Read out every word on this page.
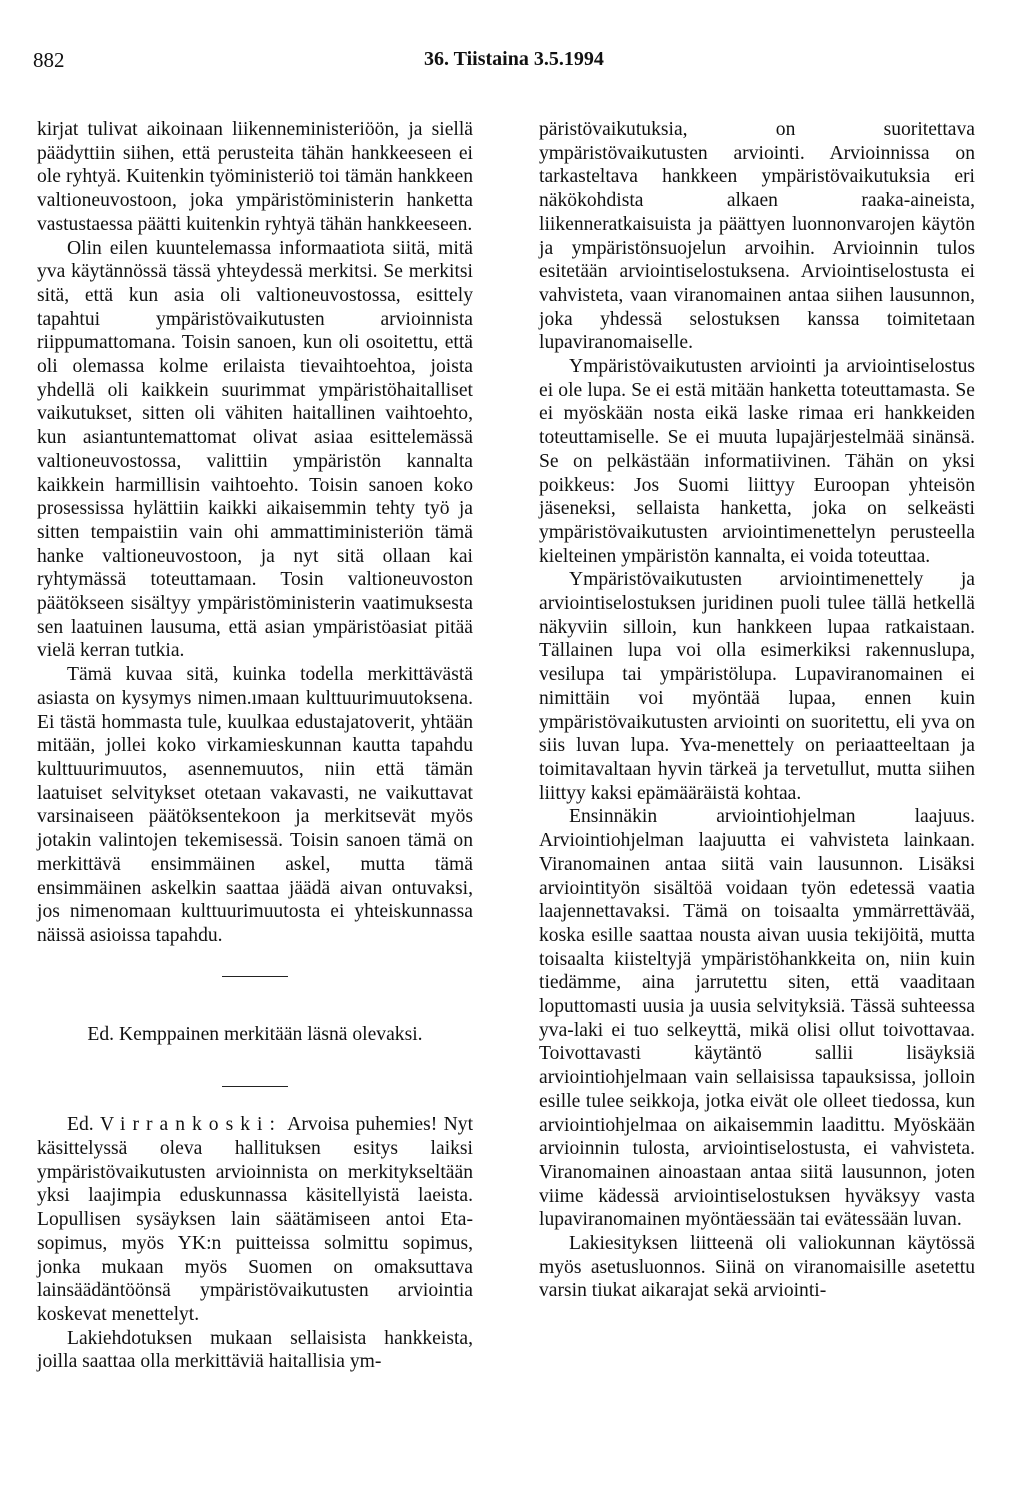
882	36. Tiistaina 3.5.1994

kirjat tulivat aikoinaan liikenneministeriöön, ja siellä päädyttiin siihen, että perusteita tähän hankkeeseen ei ole ryhtyä. Kuitenkin työministeriö toi tämän hankkeen valtioneuvostoon, joka ympäristöministerin hanketta vastustaessa päätti kuitenkin ryhtyä tähän hankkeeseen.

Olin eilen kuuntelemassa informaatiota siitä, mitä yva käytännössä tässä yhteydessä merkitsi. Se merkitsi sitä, että kun asia oli valtioneuvostossa, esittely tapahtui ympäristövaikutusten arvioinnista riippumattomana. Toisin sanoen, kun oli osoitettu, että oli olemassa kolme erilaista tievaihtoehtoa, joista yhdellä oli kaikkein suurimmat ympäristöhaitalliset vaikutukset, sitten oli vähiten haitallinen vaihtoehto, kun asiantuntemattomat olivat asiaa esittelemässä valtioneuvostossa, valittiin ympäristön kannalta kaikkein harmillisin vaihtoehto. Toisin sanoen koko prosessissa hylättiin kaikki aikaisemmin tehty työ ja sitten tempaistiin vain ohi ammattiministeriön tämä hanke valtioneuvostoon, ja nyt sitä ollaan kai ryhtymässä toteuttamaan. Tosin valtioneuvoston päätökseen sisältyy ympäristöministerin vaatimuksesta sen laatuinen lausuma, että asian ympäristöasiat pitää vielä kerran tutkia.

Tämä kuvaa sitä, kuinka todella merkittävästä asiasta on kysymys nimen.ımaan kulttuurimuutoksena. Ei tästä hommasta tule, kuulkaa edustajatoverit, yhtään mitään, jollei koko virkamieskunnan kautta tapahdu kulttuurimuutos, asennemuutos, niin että tämän laatuiset selvitykset otetaan vakavasti, ne vaikuttavat varsinaiseen päätöksentekoon ja merkitsevät myös jotakin valintojen tekemisessä. Toisin sanoen tämä on merkittävä ensimmäinen askel, mutta tämä ensimmäinen askelkin saattaa jäädä aivan ontuvaksi, jos nimenomaan kulttuurimuutosta ei yhteiskunnassa näissä asioissa tapahdu.

Ed. Kemppainen merkitään läsnä olevaksi.

Ed. Virrankoski: Arvoisa puhemies! Nyt käsittelyssä oleva hallituksen esitys laiksi ympäristövaikutusten arvioinnista on merkitykseltään yksi laajimpia eduskunnassa käsitellyistä laeista. Lopullisen sysäyksen lain säätämiseen antoi Eta-sopimus, myös YK:n puitteissa solmittu sopimus, jonka mukaan myös Suomen on omaksuttava lainsäädäntöönsä ympäristövaikutusten arviointia koskevat menettelyt.

Lakiehdotuksen mukaan sellaisista hankkeista, joilla saattaa olla merkittäviä haitallisia ym-

päristövaikutuksia, on suoritettava ympäristövaikutusten arviointi. Arvioinnissa on tarkasteltava hankkeen ympäristövaikutuksia eri näkökohdista alkaen raaka-aineista, liikenneratkaisuista ja päättyen luonnonvarojen käytön ja ympäristönsuojelun arvoihin. Arvioinnin tulos esitetään arviointiselostuksena. Arviointiselostusta ei vahvisteta, vaan viranomainen antaa siihen lausunnon, joka yhdessä selostuksen kanssa toimitetaan lupaviranomaiselle.

Ympäristövaikutusten arviointi ja arviointiselostus ei ole lupa. Se ei estä mitään hanketta toteuttamasta. Se ei myöskään nosta eikä laske rimaa eri hankkeiden toteuttamiselle. Se ei muuta lupajärjestelmää sinänsä. Se on pelkästään informatiivinen. Tähän on yksi poikkeus: Jos Suomi liittyy Euroopan yhteisön jäseneksi, sellaista hanketta, joka on selkeästi ympäristövaikutusten arviointimenettelyn perusteella kielteinen ympäristön kannalta, ei voida toteuttaa.

Ympäristövaikutusten arviointimenettely ja arviointiselostuksen juridinen puoli tulee tällä hetkellä näkyviin silloin, kun hankkeen lupaa ratkaistaan. Tällainen lupa voi olla esimerkiksi rakennuslupa, vesilupa tai ympäristölupa. Lupaviranomainen ei nimittäin voi myöntää lupaa, ennen kuin ympäristövaikutusten arviointi on suoritettu, eli yva on siis luvan lupa. Yva-menettely on periaatteeltaan ja toimitavaltaan hyvin tärkeä ja tervetullut, mutta siihen liittyy kaksi epämääräistä kohtaa.

Ensinnäkin arviointiohjelman laajuus. Arviointiohjelman laajuutta ei vahvisteta lainkaan. Viranomainen antaa siitä vain lausunnon. Lisäksi arviointityön sisältöä voidaan työn edetessä vaatia laajennettavaksi. Tämä on toisaalta ymmärrettävää, koska esille saattaa nousta aivan uusia tekijöitä, mutta toisaalta kiisteltyjä ympäristöhankkeita on, niin kuin tiedämme, aina jarrutettu siten, että vaaditaan loputtomasti uusia ja uusia selvityksiä. Tässä suhteessa yva-laki ei tuo selkeyttä, mikä olisi ollut toivottavaa. Toivottavasti käytäntö sallii lisäyksiä arviointiohjelmaan vain sellaisissa tapauksissa, jolloin esille tulee seikkoja, jotka eivät ole olleet tiedossa, kun arviointiohjelmaa on aikaisemmin laadittu. Myöskään arvioinnin tulosta, arviointiselostusta, ei vahvisteta. Viranomainen ainoastaan antaa siitä lausunnon, joten viime kädessä arviointiselostuksen hyväksyy vasta lupaviranomainen myöntäessään tai evätessään luvan.

Lakiesityksen liitteenä oli valiokunnan käytössä myös asetusluonnos. Siinä on viranomaisille asetettu varsin tiukat aikarajat sekä arviointi-
